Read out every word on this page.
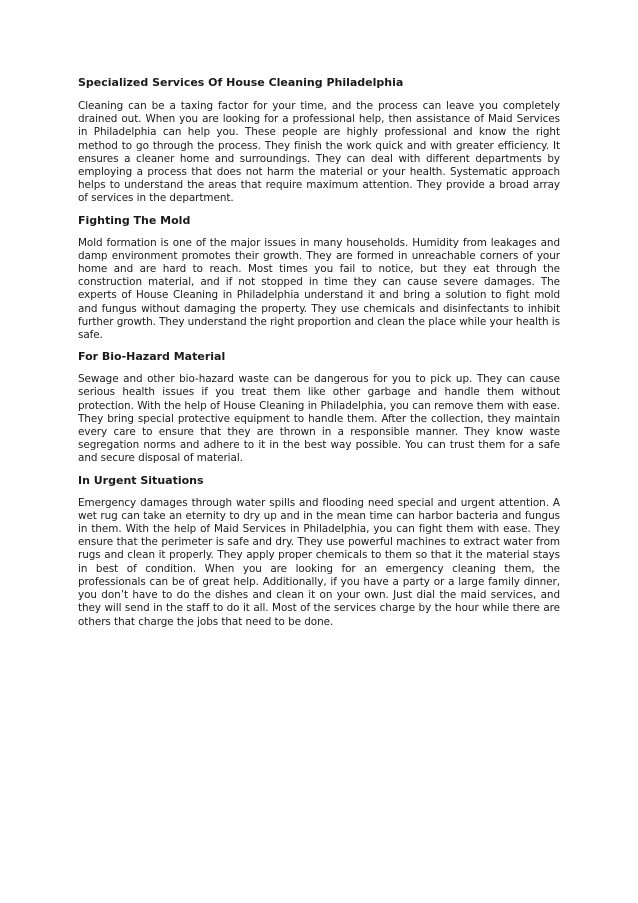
Specialized Services Of House Cleaning Philadelphia

Cleaning can be a taxing factor for your time, and the process can leave you completely drained out. When you are looking for a professional help, then assistance of Maid Services in Philadelphia can help you. These people are highly professional and know the right method to go through the process. They finish the work quick and with greater efficiency. It ensures a cleaner home and surroundings. They can deal with different departments by employing a process that does not harm the material or your health. Systematic approach helps to understand the areas that require maximum attention. They provide a broad array of services in the department.

Fighting The Mold

Mold formation is one of the major issues in many households. Humidity from leakages and damp environment promotes their growth. They are formed in unreachable corners of your home and are hard to reach. Most times you fail to notice, but they eat through the construction material, and if not stopped in time they can cause severe damages. The experts of House Cleaning in Philadelphia understand it and bring a solution to fight mold and fungus without damaging the property. They use chemicals and disinfectants to inhibit further growth. They understand the right proportion and clean the place while your health is safe.

For Bio-Hazard Material

Sewage and other bio-hazard waste can be dangerous for you to pick up. They can cause serious health issues if you treat them like other garbage and handle them without protection. With the help of House Cleaning in Philadelphia, you can remove them with ease. They bring special protective equipment to handle them. After the collection, they maintain every care to ensure that they are thrown in a responsible manner. They know waste segregation norms and adhere to it in the best way possible. You can trust them for a safe and secure disposal of material.

In Urgent Situations

Emergency damages through water spills and flooding need special and urgent attention. A wet rug can take an eternity to dry up and in the mean time can harbor bacteria and fungus in them. With the help of Maid Services in Philadelphia, you can fight them with ease. They ensure that the perimeter is safe and dry. They use powerful machines to extract water from rugs and clean it properly. They apply proper chemicals to them so that it the material stays in best of condition. When you are looking for an emergency cleaning them, the professionals can be of great help. Additionally, if you have a party or a large family dinner, you don’t have to do the dishes and clean it on your own. Just dial the maid services, and they will send in the staff to do it all. Most of the services charge by the hour while there are others that charge the jobs that need to be done.
